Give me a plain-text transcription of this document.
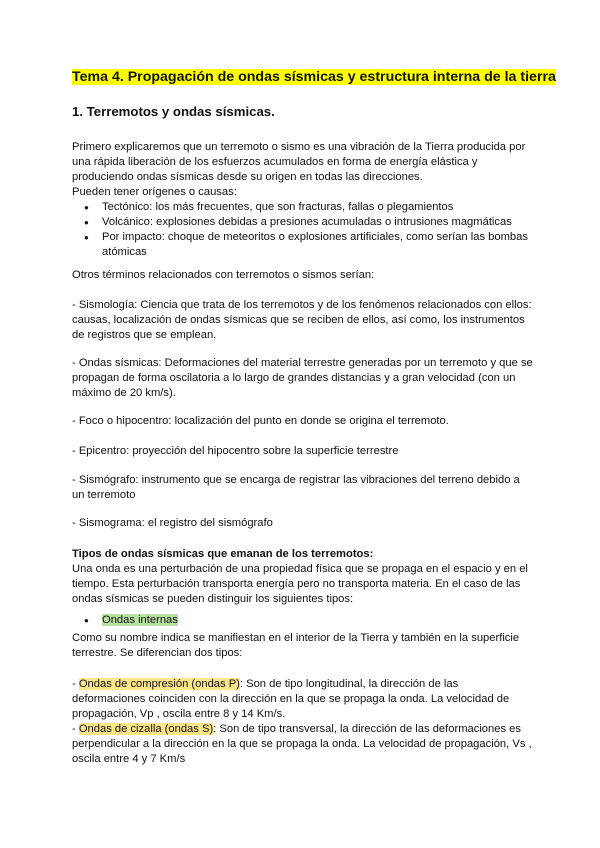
Tema 4. Propagación de ondas sísmicas y estructura interna de la tierra
1. Terremotos y ondas sísmicas.

Primero explicaremos que un terremoto o sismo es una vibración de la Tierra producida por una rápida liberación de los esfuerzos acumulados en forma de energía elástica y produciendo ondas sísmicas desde su origen en todas las direcciones.

Pueden tener orígenes o causas:

● Tectónico: los más frecuentes, que son fracturas, fallas o plegamientos
● Volcánico: explosiones debidas a presiones acumuladas o intrusiones magmáticas
● Por impacto: choque de meteoritos o explosiones artificiales, como serían las bombas atómicas
Otros términos relacionados con terremotos o sismos serían:
- Sismología: Ciencia que trata de los terremotos y de los fenómenos relacionados con ellos: causas, localización de ondas sísmicas que se reciben de ellos, así como, los instrumentos de registros que se emplean.
- Ondas sísmicas: Deformaciones del material terrestre generadas por un terremoto y que se propagan de forma oscilatoria a lo largo de grandes distancias y a gran velocidad (con un máximo de 20 km/s).
- Foco o hipocentro: localización del punto en donde se origina el terremoto.
- Epicentro: proyección del hipocentro sobre la superficie terrestre
- Sismógrafo: instrumento que se encarga de registrar las vibraciones del terreno debido a un terremoto
- Sismograma: el registro del sismógrafo
Tipos de ondas sísmicas que emanan de los terremotos:
Una onda es una perturbación de una propiedad física que se propaga en el espacio y en el tiempo. Esta perturbación transporta energía pero no transporta materia. En el caso de las ondas sísmicas se pueden distinguir los siguientes tipos:
● Ondas internas
Como su nombre indica se manifiestan en el interior de la Tierra y también en la superficie terrestre. Se diferencian dos tipos:
- Ondas de compresión (ondas P): Son de tipo longitudinal, la dirección de las deformaciones coinciden con la dirección en la que se propaga la onda. La velocidad de propagación, Vp , oscila entre 8 y 14 Km/s.
- Ondas de cizalla (ondas S): Son de tipo transversal, la dirección de las deformaciones es perpendicular a la dirección en la que se propaga la onda. La velocidad de propagación, Vs , oscila entre 4 y 7 Km/s
